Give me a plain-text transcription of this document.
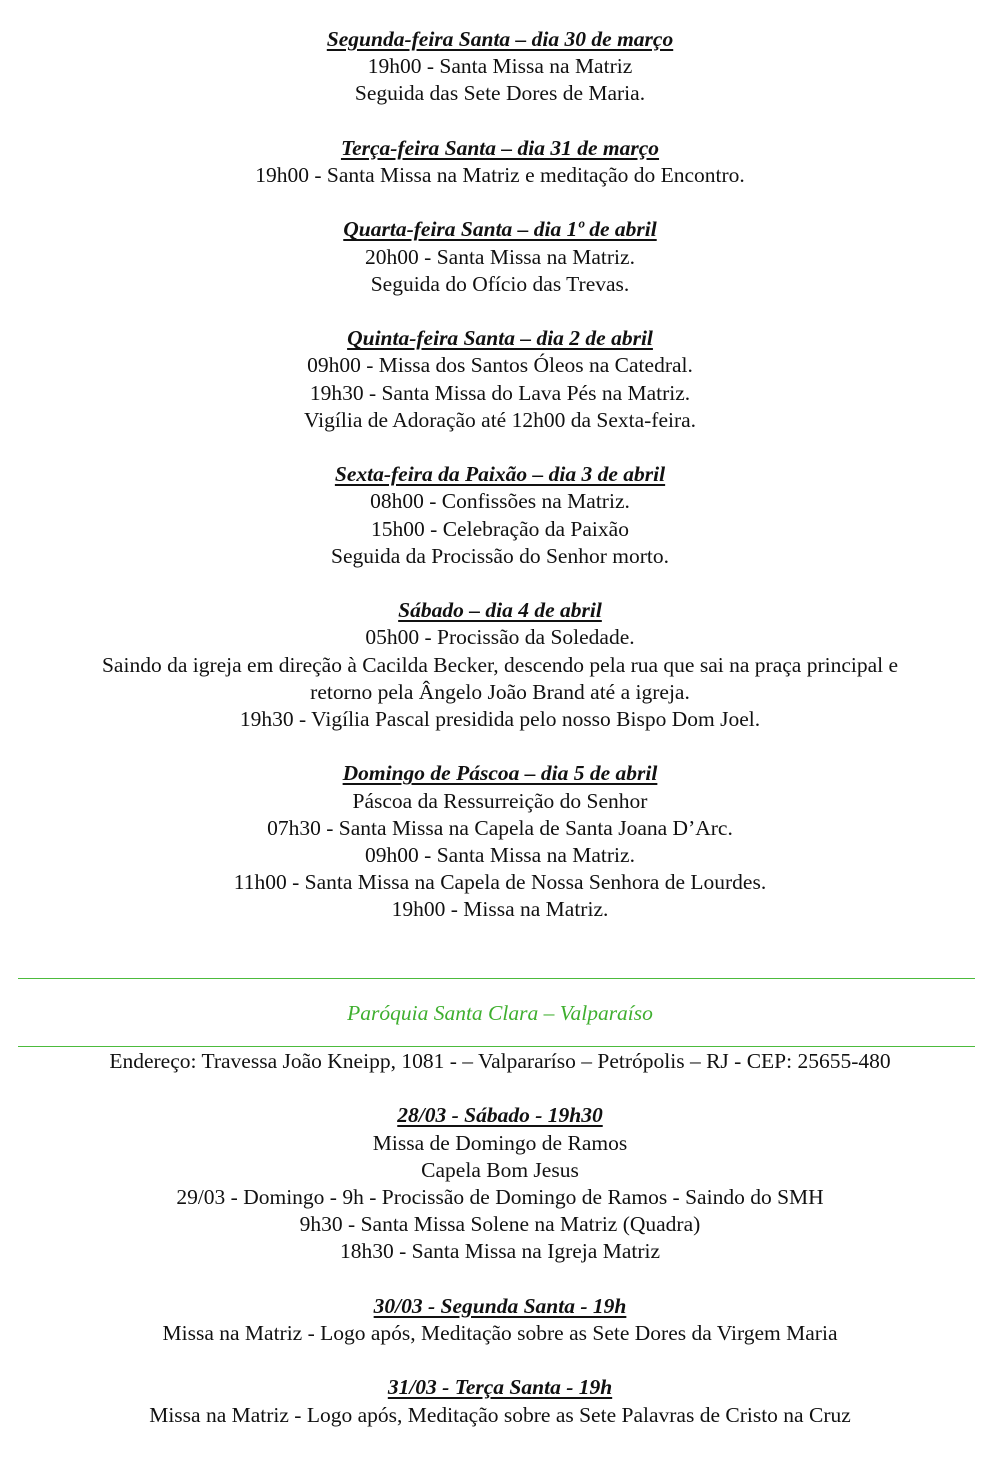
Segunda-feira Santa – dia 30 de março
19h00 - Santa Missa na Matriz
Seguida das Sete Dores de Maria.
Terça-feira Santa – dia 31 de março
19h00 - Santa Missa na Matriz e meditação do Encontro.
Quarta-feira Santa – dia 1º de abril
20h00 - Santa Missa na Matriz.
Seguida do Ofício das Trevas.
Quinta-feira Santa – dia 2 de abril
09h00 - Missa dos Santos Óleos na Catedral.
19h30 - Santa Missa do Lava Pés na Matriz.
Vigília de Adoração até 12h00 da Sexta-feira.
Sexta-feira da Paixão – dia 3 de abril
08h00 - Confissões na Matriz.
15h00 - Celebração da Paixão
Seguida da Procissão do Senhor morto.
Sábado – dia 4 de abril
05h00 - Procissão da Soledade.
Saindo da igreja em direção à Cacilda Becker, descendo pela rua que sai na praça principal e
retorno pela Ângelo João Brand até a igreja.
19h30 - Vigília Pascal presidida pelo nosso Bispo Dom Joel.
Domingo de Páscoa – dia 5 de abril
Páscoa da Ressurreição do Senhor
07h30 - Santa Missa na Capela de Santa Joana D’Arc.
09h00 - Santa Missa na Matriz.
11h00 - Santa Missa na Capela de Nossa Senhora de Lourdes.
19h00 - Missa na Matriz.
Paróquia Santa Clara – Valparaíso
Endereço: Travessa João Kneipp, 1081 - – Valpararíso – Petrópolis – RJ - CEP: 25655-480
28/03 - Sábado - 19h30
Missa de Domingo de Ramos
Capela Bom Jesus
29/03 - Domingo - 9h - Procissão de Domingo de Ramos - Saindo do SMH
9h30 - Santa Missa Solene na Matriz (Quadra)
18h30 - Santa Missa na Igreja Matriz
30/03 - Segunda Santa - 19h
Missa na Matriz - Logo após, Meditação sobre as Sete Dores da Virgem Maria
31/03 - Terça Santa - 19h
Missa na Matriz - Logo após, Meditação sobre as Sete Palavras de Cristo na Cruz
